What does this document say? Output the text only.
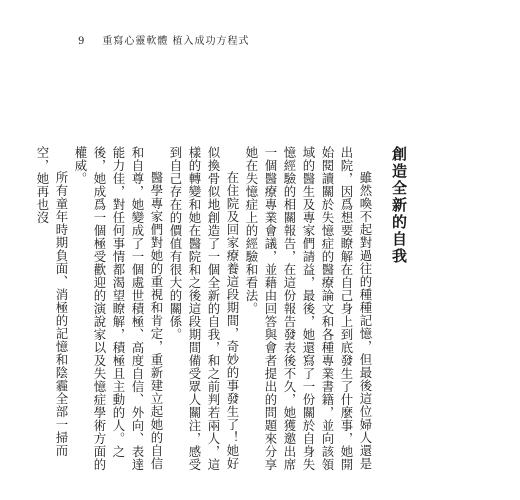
9 重寫心靈軟體 植入成功方程式
創造全新的自我

雖然喚不起對過往的種種記憶，但最後這位婦人還是出院，因爲想要瞭解在自己身上到底發生了什麼事，她開始閱讀關於失憶症的醫療論文和各種專業書籍，並向該領域的醫生及專家們請益，最後，她還寫了一份關於自身失憶經驗的相關報告，在這份報告發表後不久，她獲邀出席一個醫療專業會議，並藉由回答與會者提出的問題來分享她在失憶症上的經驗和看法。

在住院及回家療養這段期間，奇妙的事發生了！她好似換骨似地創造了一個全新的自我，和之前判若兩人，這樣的轉變和她在醫院和之後這段期間備受眾人關注，感受到自己存在的價值有很大的關係。

醫學專家們對她的重視和肯定，重新建立起她的自信和自尊，她變成了一個處世積極、高度自信、外向、表達能力佳，對任何事情都渴望瞭解，積極且主動的人。之後，她成爲一個極受歡迎的演說家以及失憶症學術方面的權威。

所有童年時期負面、消極的記憶和陰霾全部一掃而空，她再也沒
